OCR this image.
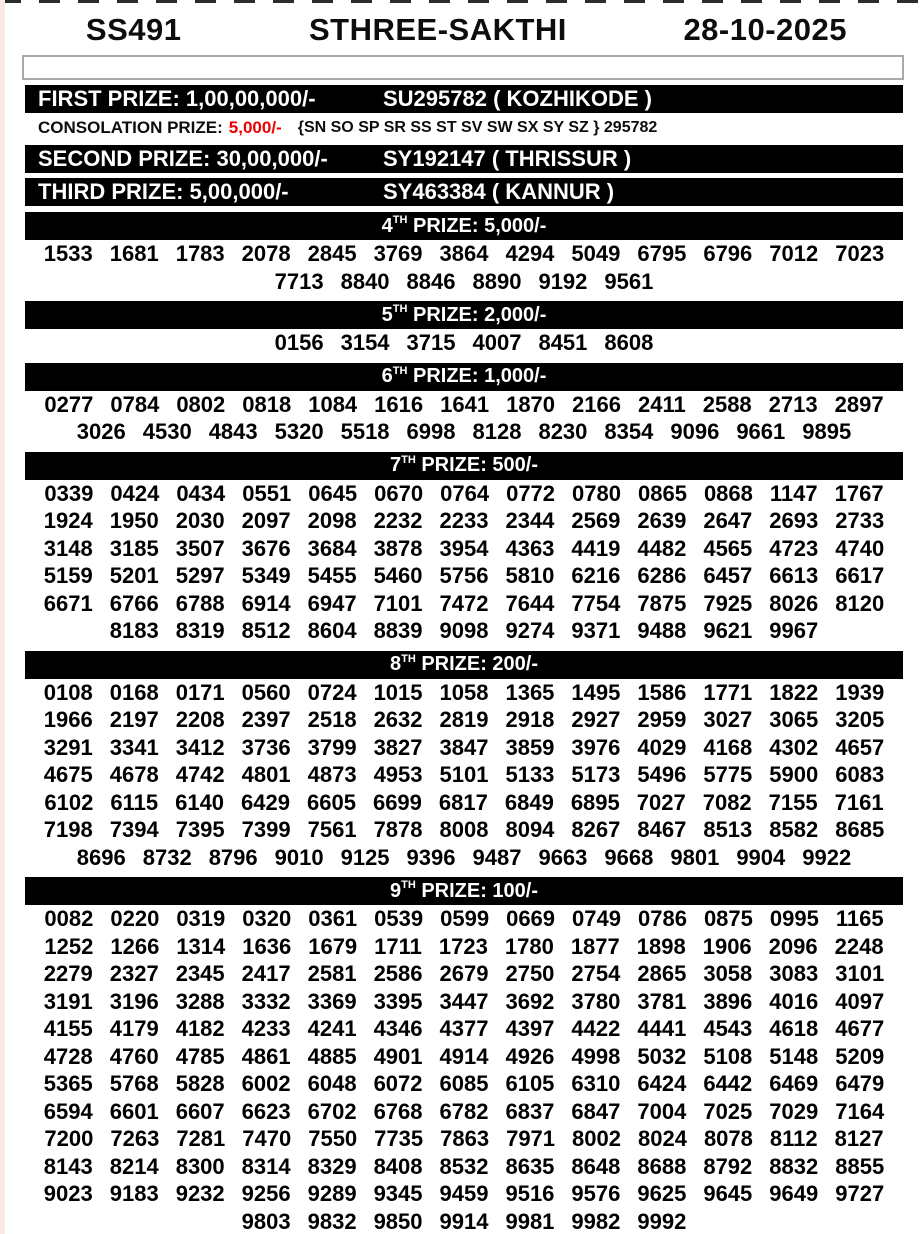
SS491	STHREE-SAKTHI	28-10-2025
FIRST PRIZE: 1,00,00,000/-	SU295782 ( KOZHIKODE )
CONSOLATION PRIZE: 5,000/- {SN SO SP SR SS ST SV SW SX SY SZ } 295782
SECOND PRIZE: 30,00,000/-	SY192147 ( THRISSUR )
THIRD PRIZE: 5,00,000/-	SY463384 ( KANNUR )
4TH PRIZE: 5,000/-
1533 1681 1783 2078 2845 3769 3864 4294 5049 6795 6796 7012 7023
7713 8840 8846 8890 9192 9561
5TH PRIZE: 2,000/-
0156 3154 3715 4007 8451 8608
6TH PRIZE: 1,000/-
0277 0784 0802 0818 1084 1616 1641 1870 2166 2411 2588 2713 2897
3026 4530 4843 5320 5518 6998 8128 8230 8354 9096 9661 9895
7TH PRIZE: 500/-
0339 0424 0434 0551 0645 0670 0764 0772 0780 0865 0868 1147 1767
1924 1950 2030 2097 2098 2232 2233 2344 2569 2639 2647 2693 2733
3148 3185 3507 3676 3684 3878 3954 4363 4419 4482 4565 4723 4740
5159 5201 5297 5349 5455 5460 5756 5810 6216 6286 6457 6613 6617
6671 6766 6788 6914 6947 7101 7472 7644 7754 7875 7925 8026 8120
8183 8319 8512 8604 8839 9098 9274 9371 9488 9621 9967
8TH PRIZE: 200/-
0108 0168 0171 0560 0724 1015 1058 1365 1495 1586 1771 1822 1939
1966 2197 2208 2397 2518 2632 2819 2918 2927 2959 3027 3065 3205
3291 3341 3412 3736 3799 3827 3847 3859 3976 4029 4168 4302 4657
4675 4678 4742 4801 4873 4953 5101 5133 5173 5496 5775 5900 6083
6102 6115 6140 6429 6605 6699 6817 6849 6895 7027 7082 7155 7161
7198 7394 7395 7399 7561 7878 8008 8094 8267 8467 8513 8582 8685
8696 8732 8796 9010 9125 9396 9487 9663 9668 9801 9904 9922
9TH PRIZE: 100/-
0082 0220 0319 0320 0361 0539 0599 0669 0749 0786 0875 0995 1165
1252 1266 1314 1636 1679 1711 1723 1780 1877 1898 1906 2096 2248
2279 2327 2345 2417 2581 2586 2679 2750 2754 2865 3058 3083 3101
3191 3196 3288 3332 3369 3395 3447 3692 3780 3781 3896 4016 4097
4155 4179 4182 4233 4241 4346 4377 4397 4422 4441 4543 4618 4677
4728 4760 4785 4861 4885 4901 4914 4926 4998 5032 5108 5148 5209
5365 5768 5828 6002 6048 6072 6085 6105 6310 6424 6442 6469 6479
6594 6601 6607 6623 6702 6768 6782 6837 6847 7004 7025 7029 7164
7200 7263 7281 7470 7550 7735 7863 7971 8002 8024 8078 8112 8127
8143 8214 8300 8314 8329 8408 8532 8635 8648 8688 8792 8832 8855
9023 9183 9232 9256 9289 9345 9459 9516 9576 9625 9645 9649 9727
9803 9832 9850 9914 9981 9982 9992
